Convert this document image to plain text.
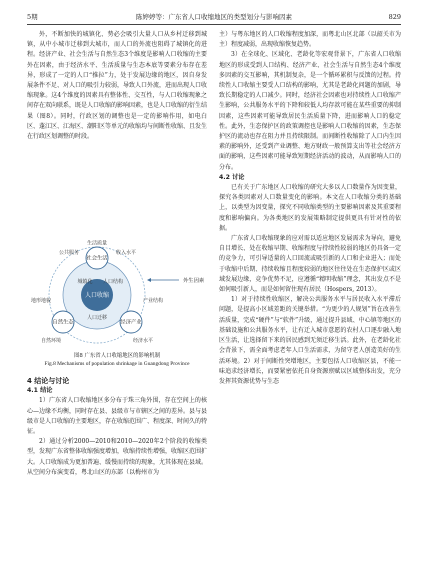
5期	陈婷婷等：广东省人口收缩地区的类型划分与影响因素	829

外，不断加快的城镇化、势必会吸引大量人口从乡村迁移到城镇，从中小城市迁移到大城市，而人口的外流也阻碍了城镇化的进程。经济产业、社会生活与自然生态3个维度是影响人口收缩的主要外在因素，由于经济水平、生活质量与生态本底等要素分布存在差异，形成了一定的人口“推拉”力，处于发展边缘的地区，因自身发展条件不足、对人口的吸引力较弱，导致人口外流，进而出现人口收缩现象。这4个维度的因素具有整体性、交互性，与人口收缩现象之间存在双向联系，既是人口收缩的影响因素，也是人口收缩的衍生结果（图8）。同时，行政区划的调整也是一定的影响作用，如电白区、蓬江区、江海区、潮阳区等单元的收缩均与间断性收缩、且发生在行政区划调整的时段。

人口收缩
社会生活
自然生态	经济产业
城镇化 人口结构
人口迁移
公共服务	收入水平
生活质量
地形地貌
自然环境
产业结构
经济水平
外生因素
图8 广东省人口收缩地区的影响机制
Fig.8 Mechanisms of population shrinkage in Guangdong Province

4 结论与讨论

4.1 结论

1）广东省人口收缩地区多分布于珠三角外围，存在空间上的核心—边缘不均衡，同时存在县、县级市与市辖区之间的差异。县与县级市是人口收缩的主要地区，存在收缩范围广、程度深、时间久的特征。

2）通过分析2000—2010和2010—2020年2个阶段的收缩类型，发现广东省整体收缩强度增加，收缩持续性增强，收缩区范围扩大。人口收缩成为更加普遍、缓慢而持续的现象，尤其体现在县域。从空间分布演变看，粤北山区的东部（以梅州市为

主）与粤东地区的人口收缩程度加深，而粤北山区北部（以韶关市为主）程度减弱，出现收缩恢复趋势。

3）在全球化、区域化、老龄化等宏观背景下，广东省人口收缩地区的形成受到人口结构、经济产业、社会生活与自然生态4个维度多因素的交互影响，其机制复杂，是一个循环累积与反馈的过程。持续性人口收缩主要受人口结构的影响，尤其是老龄化问题的加剧，导致长期稳定的人口减少。同时，经济社会因素也对持续性人口收缩产生影响，公共服务水平的下降和较低人均存款可能在某些重要的抑制因素，这些因素可能导致居民生活质量下降，进而影响人口的稳定性。此外，生态保护区的政策调控也是影响人口收缩的因素，生态保护区的流动也存在阻力并且持续限制。而间断性收缩除了人口内生因素的影响外，还受到产业调整、地方财政一般预算支出等社会经济方面的影响，这些因素可能导致短期经济活动的波动，从而影响人口的分布。

4.2 讨论

已有关于广东地区人口收缩的研究大多以人口数量作为因变量，探究各类因素对人口数量变化的影响。本文在人口收缩分类的基础上，以类型为因变量，探究不同收缩类型的主要影响因素及其重要程度和影响偏向。为各类地区的发展策略制定提供更具有针对性的依据。

广东省人口收缩现象的应对需以适应地区发展需求为导向，避免自目增长、处在收缩早期、收缩程度与持续性较弱的地区仍具备一定的竞争力，可引导适量的人口回流或吸引新的人口和企业进入；而处于收缩中后期、持续收缩且程度较弱的地区往往处在生态保护区或区域发展边缘，竞争优势不足，应遵循“精明收缩”理念，其出发点不是如何吸引新人，而是如何留住现有居民（Hospers, 2013）。

1）对于持续性收缩区，解决公共服务水平与居民收入水平滞后问题，是提高小区域差距的关键举措。“为更少的人规划”旨在改善生活质量，完成“硬件”与“软件”升级，通过提升县域、中心镇等地区的基础设施和公共服务水平，让有迁入城市意愿的农村人口逐步融入地区生活，让选择留下来的居民感到无须迁移生活。此外，在老龄化社会背景下，需全面考虑老年人口生活需求，为留守老人创造美好的生活环境。2）对于间断性突增地区，主要包括人口收缩区县，不能一味追求经济增长，而要紧密依托自身资源禀赋以区域整体出发，充分发挥其资源优势与生态
